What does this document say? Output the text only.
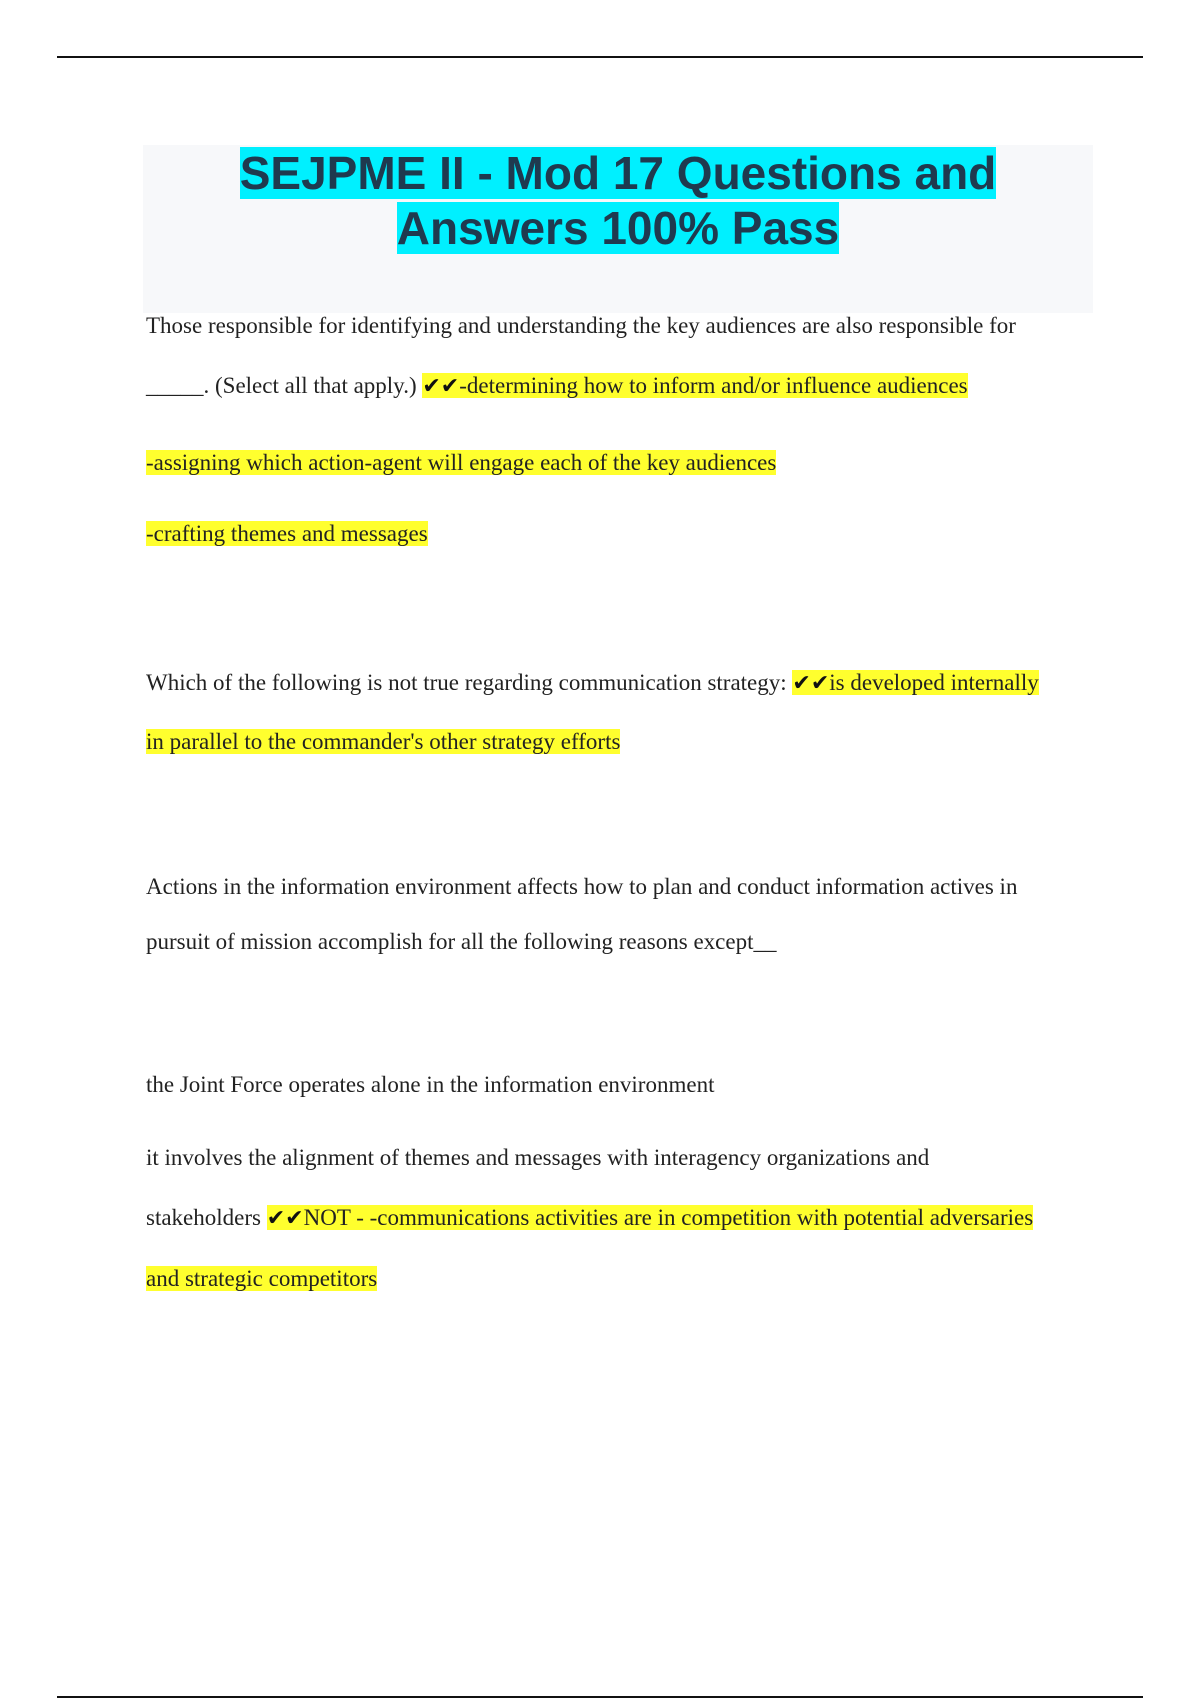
SEJPME II - Mod 17 Questions and
Answers 100% Pass

Those responsible for identifying and understanding the key audiences are also responsible for

_____. (Select all that apply.) ✔✔-determining how to inform and/or influence audiences

-assigning which action-agent will engage each of the key audiences

-crafting themes and messages

Which of the following is not true regarding communication strategy: ✔✔is developed internally

in parallel to the commander's other strategy efforts

Actions in the information environment affects how to plan and conduct information actives in

pursuit of mission accomplish for all the following reasons except__

the Joint Force operates alone in the information environment

it involves the alignment of themes and messages with interagency organizations and

stakeholders ✔✔NOT - -communications activities are in competition with potential adversaries

and strategic competitors
